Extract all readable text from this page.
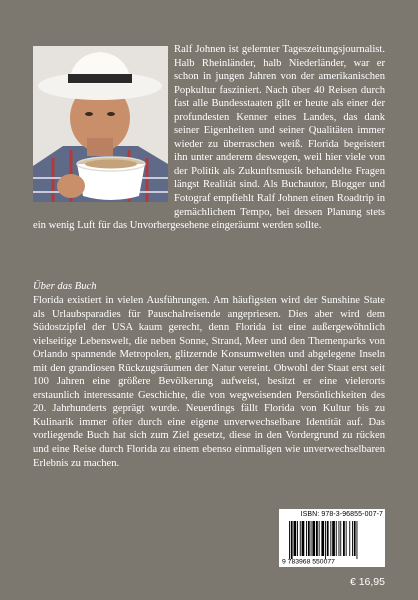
Ralf Johnen ist gelernter Tageszeitungsjournalist. Halb Rheinländer, halb Niederländer, war er schon in jungen Jahren von der amerikanischen Popkultur fasziniert. Nach über 40 Reisen durch fast alle Bundesstaaten gilt er heute als einer der profundesten Kenner eines Landes, das dank seiner Eigenheiten und seiner Qualitäten immer wieder zu überraschen weiß. Florida begeistert ihn unter anderem deswegen, weil hier viele von der Politik als Zukunftsmusik behandelte Fragen längst Realität sind. Als Buchautor, Blogger und Fotograf empfiehlt Ralf Johnen einen Roadtrip in gemächlichem Tempo, bei dessen Planung stets ein wenig Luft für das Unvorhergesehene eingeräumt werden sollte.

Über das Buch

Florida existiert in vielen Ausführungen. Am häufigsten wird der Sunshine State als Urlaubsparadies für Pauschalreisende angepriesen. Dies aber wird dem Südostzipfel der USA kaum gerecht, denn Florida ist eine außergewöhnlich vielseitige Lebenswelt, die neben Sonne, Strand, Meer und den Themenparks von Orlando spannende Metropolen, glitzernde Konsumwelten und abgelegene Inseln mit den grandiosen Rückzugsräumen der Natur vereint. Obwohl der Staat erst seit 100 Jahren eine größere Bevölkerung aufweist, besitzt er eine vielerorts erstaunlich interessante Geschichte, die von wegweisenden Persönlichkeiten des 20. Jahrhunderts geprägt wurde. Neuerdings fällt Florida von Kultur bis zu Kulinarik immer öfter durch eine eigene unverwechselbare Identität auf. Das vorliegende Buch hat sich zum Ziel gesetzt, diese in den Vordergrund zu rücken und eine Reise durch Florida zu einem ebenso einmaligen wie unverwechselbaren Erlebnis zu machen.

ISBN: 978-3-96855-007-7
9 783968 550077
€ 16,95
